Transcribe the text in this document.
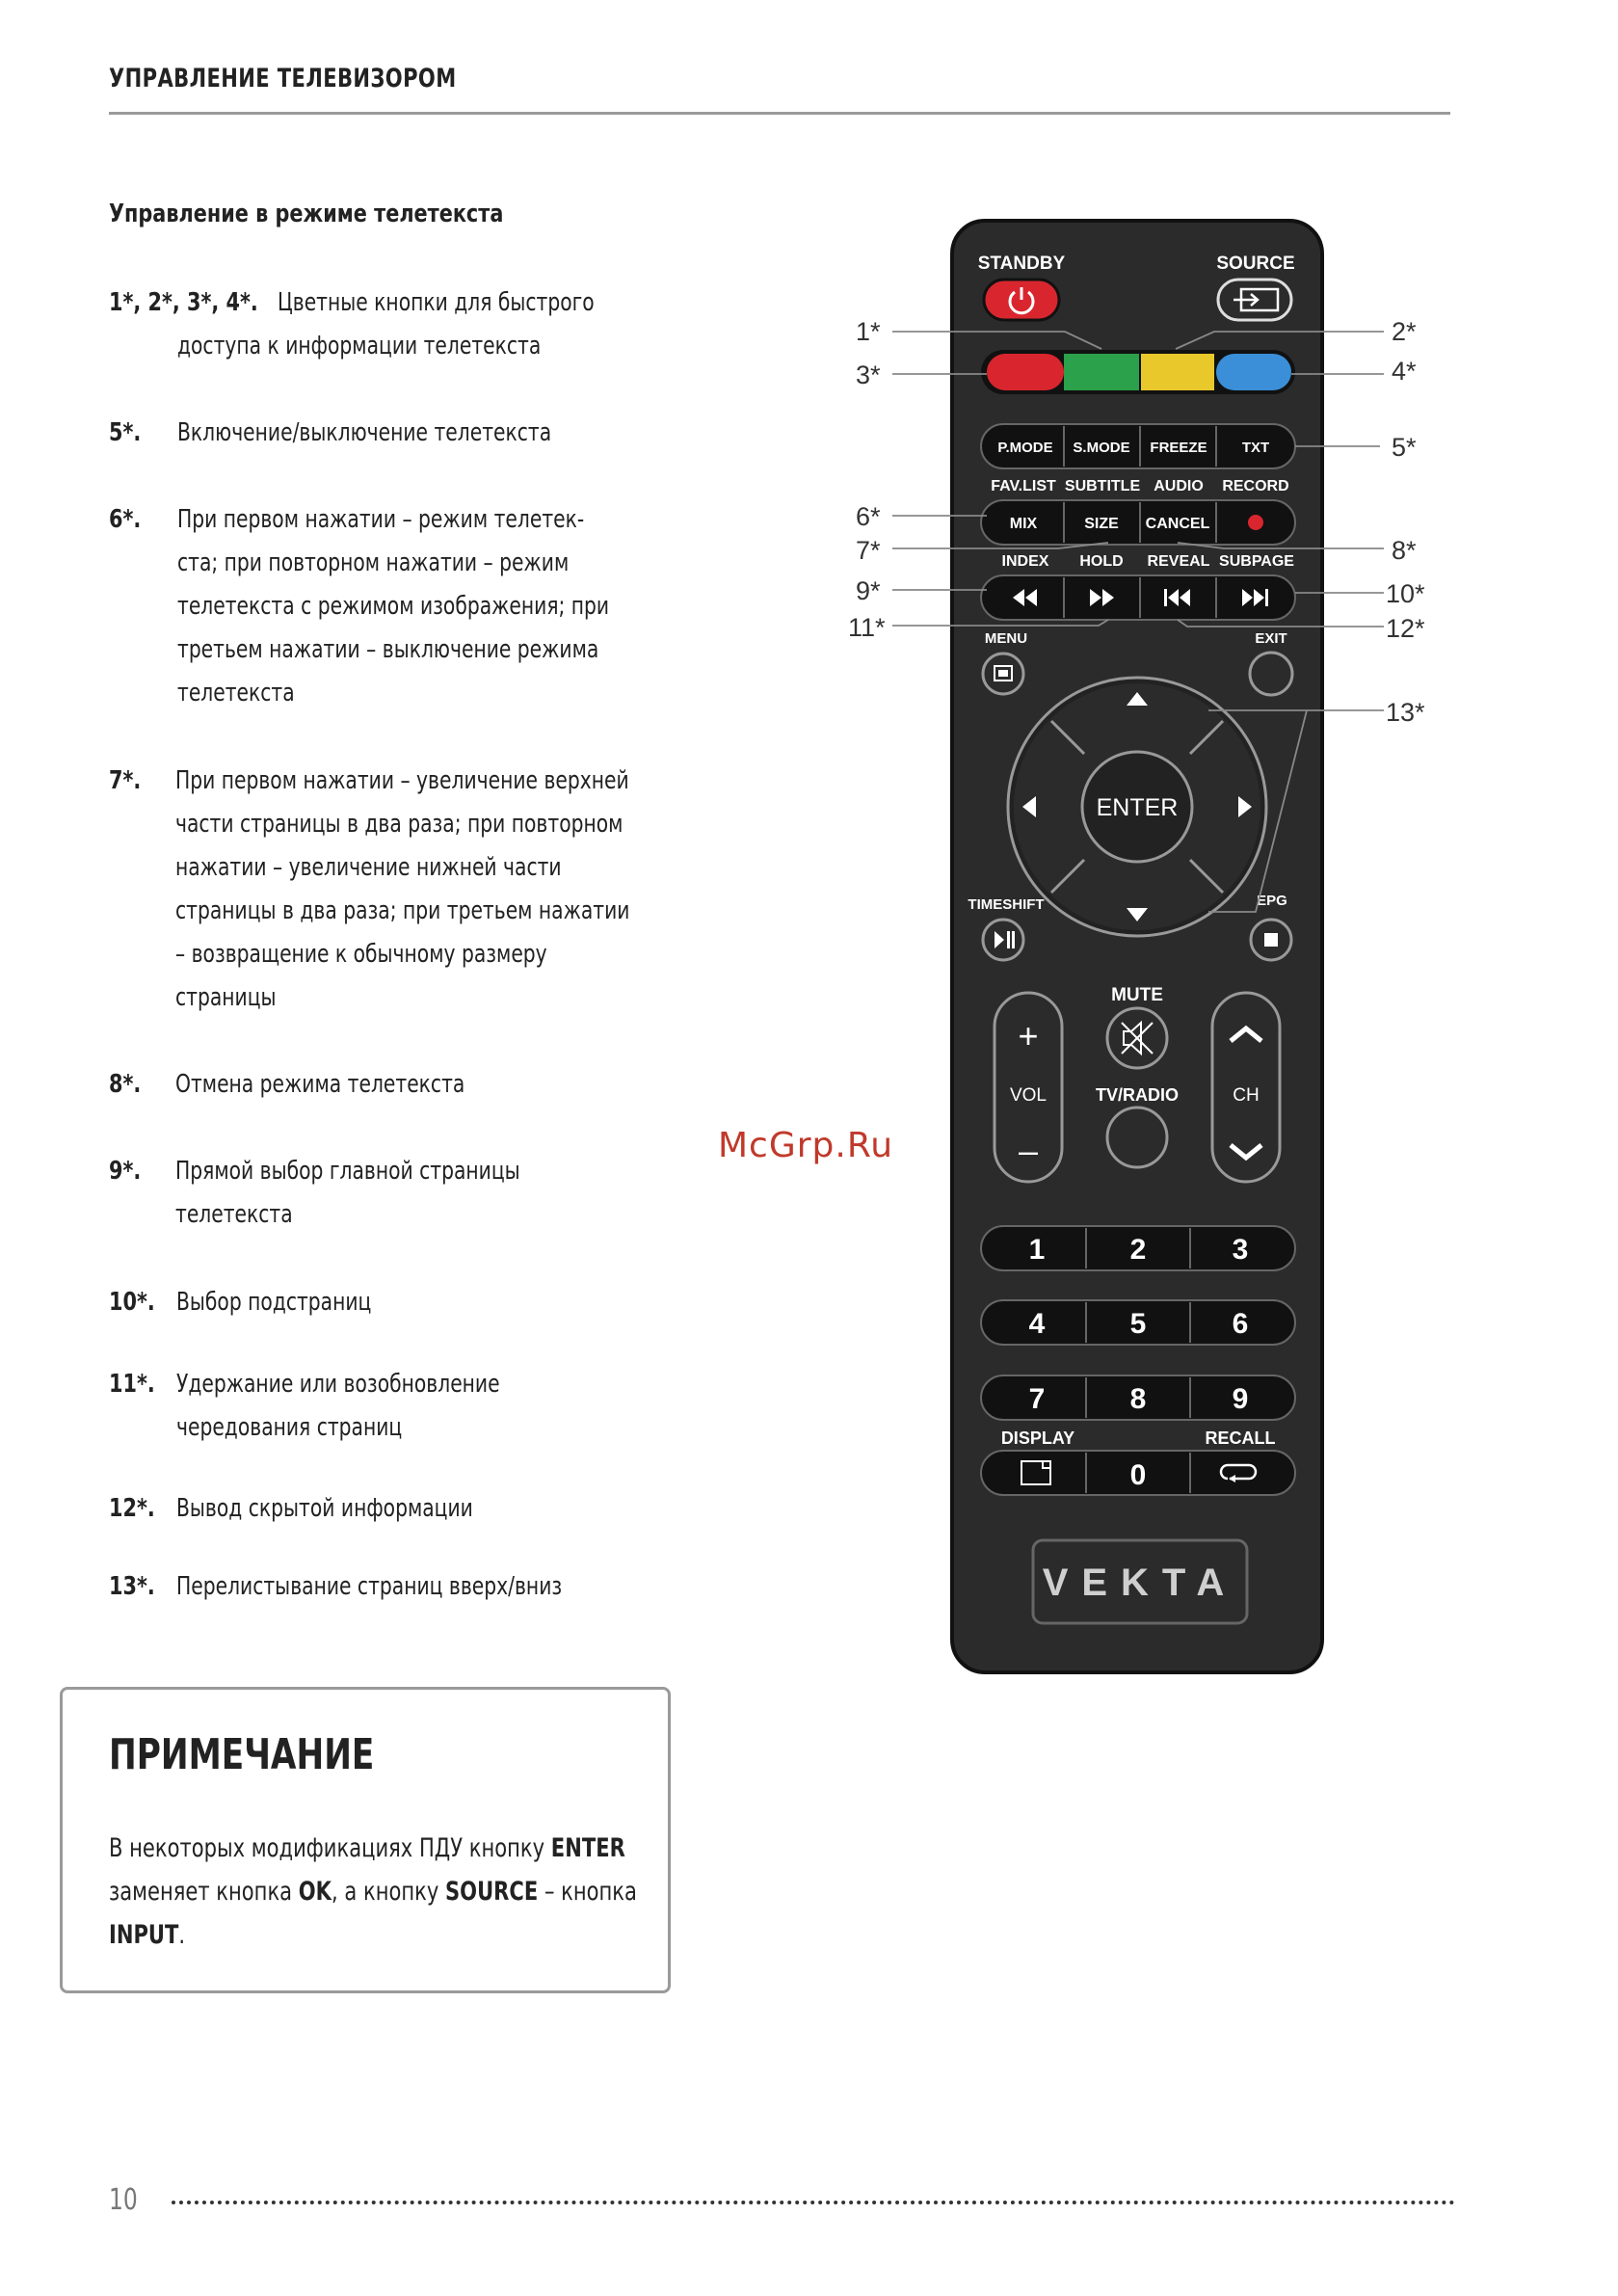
УПРАВЛЕНИЕ ТЕЛЕВИЗОРОМ
Управление в режиме телетекста
1*, 2*, 3*, 4*. Цветные кнопки для быстрого
доступа к информации телетекста
5*. Включение/выключение телетекста
6*. При первом нажатии – режим телетек-
ста; при повторном нажатии – режим
телетекста с режимом изображения; при
третьем нажатии – выключение режима
телетекста
7*. При первом нажатии – увеличение верхней
части страницы в два раза; при повторном
нажатии – увеличение нижней части
страницы в два раза; при третьем нажатии
– возвращение к обычному размеру
страницы
8*. Отмена режима телетекста
9*. Прямой выбор главной страницы
телетекста
10*. Выбор подстраниц
11*. Удержание или возобновление
чередования страниц
12*. Вывод скрытой информации
13*. Перелистывание страниц вверх/вниз
ПРИМЕЧАНИЕ
В некоторых модификациях ПДУ кнопку ENTER
заменяет кнопка OK, а кнопку SOURCE – кнопка
INPUT.
McGrp.Ru
10
STANDBY	SOURCE
P.MODE S.MODE FREEZE TXT
FAV.LIST SUBTITLE AUDIO RECORD
MIX	SIZE CANCEL
INDEX HOLD REVEAL SUBPAGE
MENU	EXIT
ENTER
TIMESHIFT	EPG
+
VOL
–
MUTE
TV/RADIO	CH
1	2	3
4	5	6
7	8	9
DISPLAY	RECALL
0
VEKTA
1*	2*
3*	4*
5*
6*
7*	8*
9*	10*
11*	12*
13*
